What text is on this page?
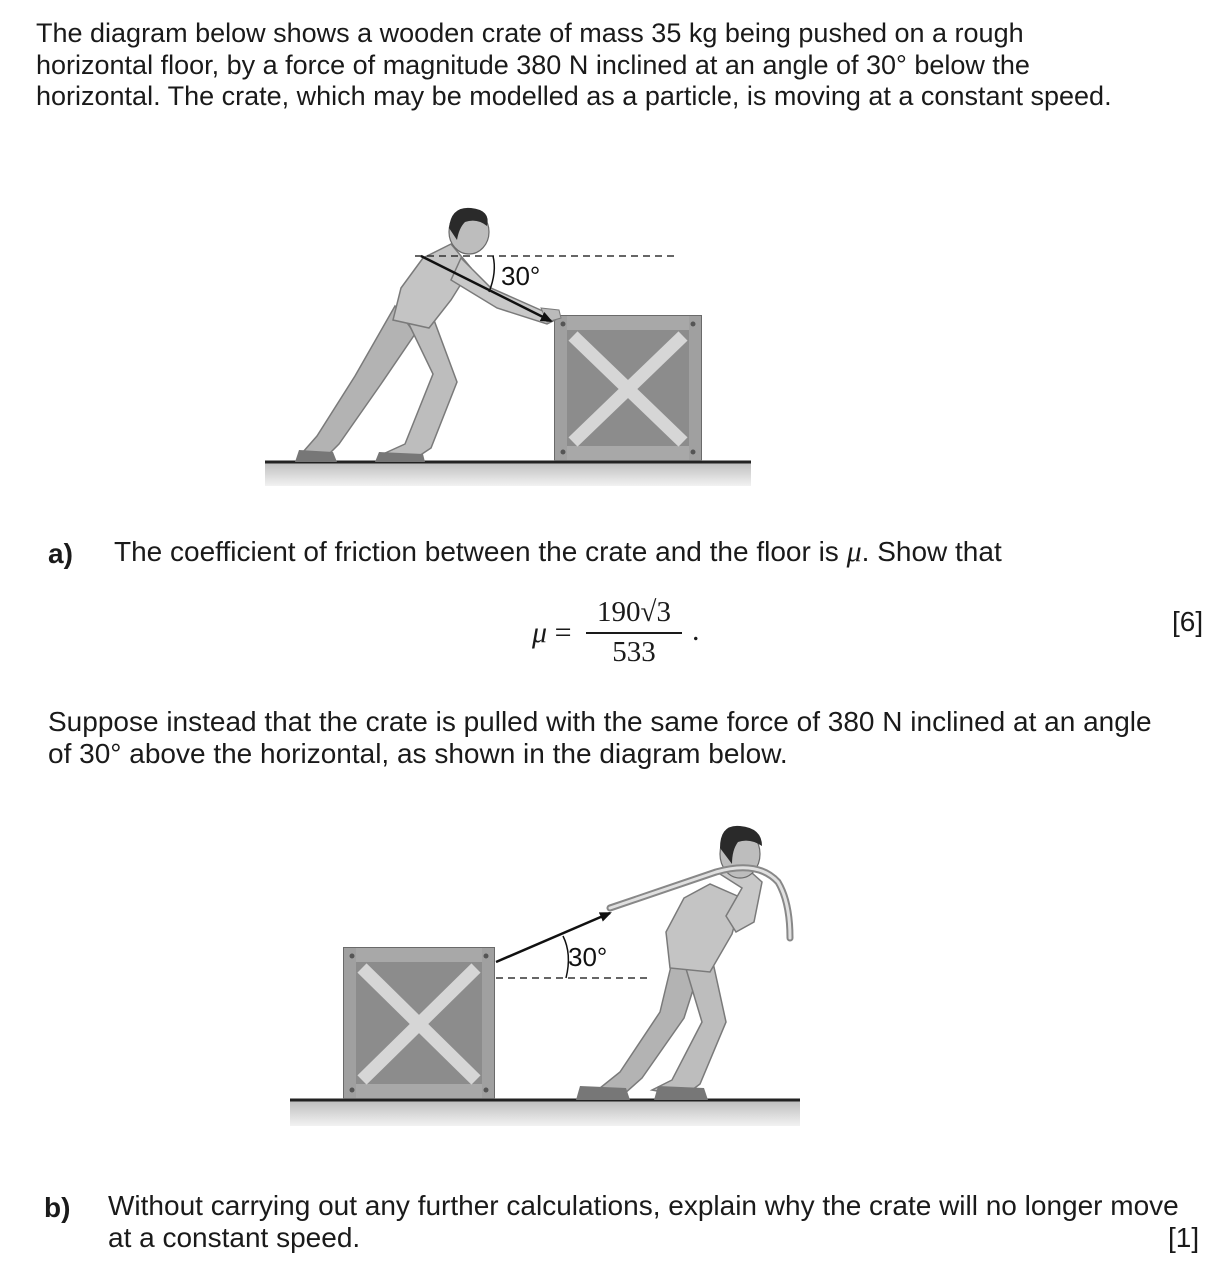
The diagram below shows a wooden crate of mass 35 kg being pushed on a rough horizontal floor, by a force of magnitude 380 N inclined at an angle of 30° below the horizontal. The crate, which may be modelled as a particle, is moving at a constant speed.

30°
a) The coefficient of friction between the crate and the floor is μ. Show that
μ =
190√3
533
.	[6]

Suppose instead that the crate is pulled with the same force of 380 N inclined at an angle of 30° above the horizontal, as shown in the diagram below.

30°
b) Without carrying out any further calculations, explain why the crate will no longer move at a constant speed.	[1]
